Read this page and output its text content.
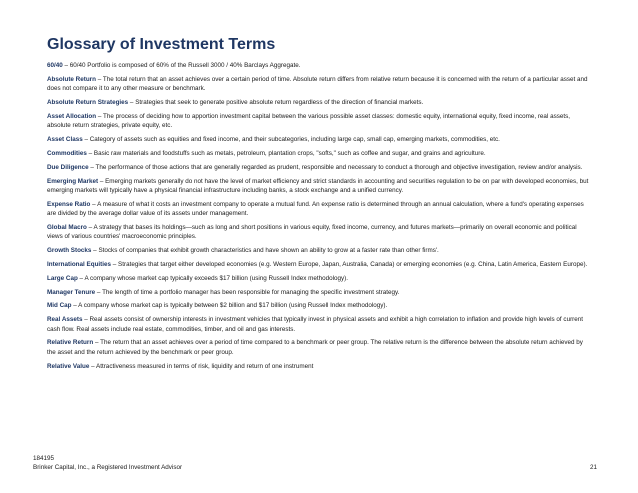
Glossary of Investment Terms
60/40 – 60/40 Portfolio is composed of 60% of the Russell 3000 / 40% Barclays Aggregate.
Absolute Return – The total return that an asset achieves over a certain period of time. Absolute return differs from relative return because it is concerned with the return of a particular asset and does not compare it to any other measure or benchmark.
Absolute Return Strategies – Strategies that seek to generate positive absolute return regardless of the direction of financial markets.
Asset Allocation – The process of deciding how to apportion investment capital between the various possible asset classes: domestic equity, international equity, fixed income, real assets, absolute return strategies, private equity, etc.
Asset Class – Category of assets such as equities and fixed income, and their subcategories, including large cap, small cap, emerging markets, commodities, etc.
Commodities – Basic raw materials and foodstuffs such as metals, petroleum, plantation crops, "softs," such as coffee and sugar, and grains and agriculture.
Due Diligence – The performance of those actions that are generally regarded as prudent, responsible and necessary to conduct a thorough and objective investigation, review and/or analysis.
Emerging Market – Emerging markets generally do not have the level of market efficiency and strict standards in accounting and securities regulation to be on par with developed economies, but emerging markets will typically have a physical financial infrastructure including banks, a stock exchange and a unified currency.
Expense Ratio – A measure of what it costs an investment company to operate a mutual fund. An expense ratio is determined through an annual calculation, where a fund's operating expenses are divided by the average dollar value of its assets under management.
Global Macro – A strategy that bases its holdings—such as long and short positions in various equity, fixed income, currency, and futures markets—primarily on overall economic and political views of various countries' macroeconomic principles.
Growth Stocks – Stocks of companies that exhibit growth characteristics and have shown an ability to grow at a faster rate than other firms'.
International Equities – Strategies that target either developed economies (e.g. Western Europe, Japan, Australia, Canada) or emerging economies (e.g. China, Latin America, Eastern Europe).
Large Cap – A company whose market cap typically exceeds $17 billion (using Russell Index methodology).
Manager Tenure – The length of time a portfolio manager has been responsible for managing the specific investment strategy.
Mid Cap – A company whose market cap is typically between $2 billion and $17 billion (using Russell Index methodology).
Real Assets – Real assets consist of ownership interests in investment vehicles that typically invest in physical assets and exhibit a high correlation to inflation and provide high levels of current cash flow. Real assets include real estate, commodities, timber, and oil and gas interests.
Relative Return – The return that an asset achieves over a period of time compared to a benchmark or peer group. The relative return is the difference between the absolute return achieved by the asset and the return achieved by the benchmark or peer group.
Relative Value – Attractiveness measured in terms of risk, liquidity and return of one instrument
184195
Brinker Capital, Inc., a Registered Investment Advisor	21
